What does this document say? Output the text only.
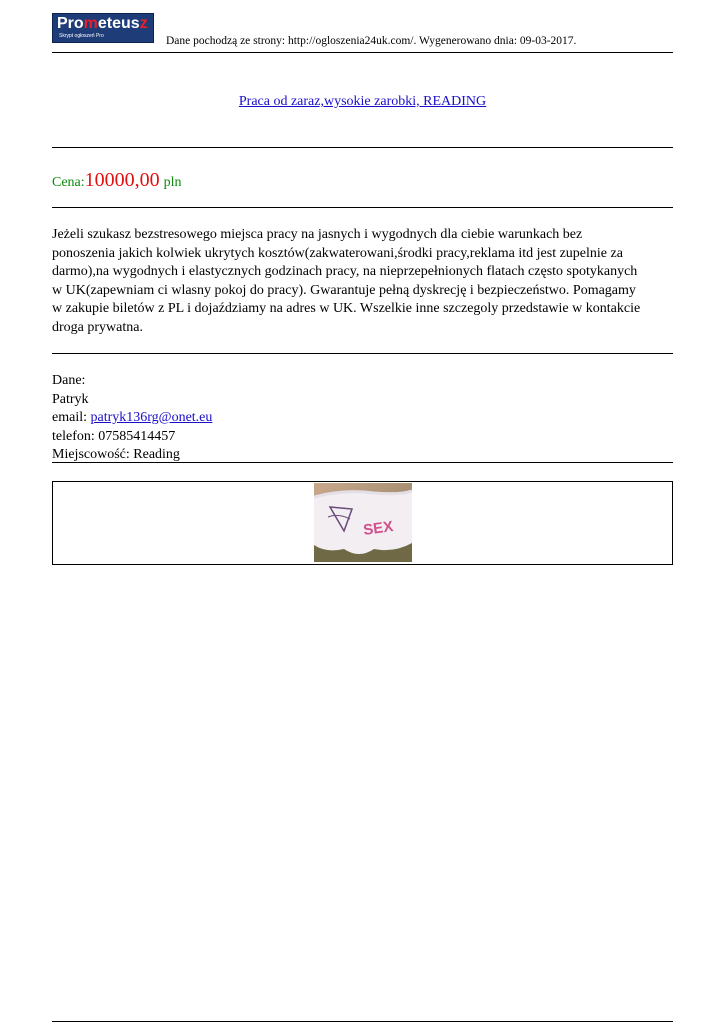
Prometeusz
Skrypt ogłoszeń Pro	Dane pochodzą ze strony: http://ogloszenia24uk.com/. Wygenerowano dnia: 09-03-2017.
Praca od zaraz,wysokie zarobki, READING
Cena:10000,00 pln
Jeżeli szukasz bezstresowego miejsca pracy na jasnych i wygodnych dla ciebie warunkach bez
ponoszenia jakich kolwiek ukrytych kosztów(zakwaterowani,środki pracy,reklama itd jest zupelnie za
darmo),na wygodnych i elastycznych godzinach pracy, na nieprzepełnionych flatach często spotykanych
w UK(zapewniam ci wlasny pokoj do pracy). Gwarantuje pełną dyskrecję i bezpieczeństwo. Pomagamy
w zakupie biletów z PL i dojaździamy na adres w UK. Wszelkie inne szczegoly przedstawie w kontakcie
droga prywatna.
Dane:
Patryk
email: patryk136rg@onet.eu
telefon: 07585414457
Miejscowość: Reading
SEX
